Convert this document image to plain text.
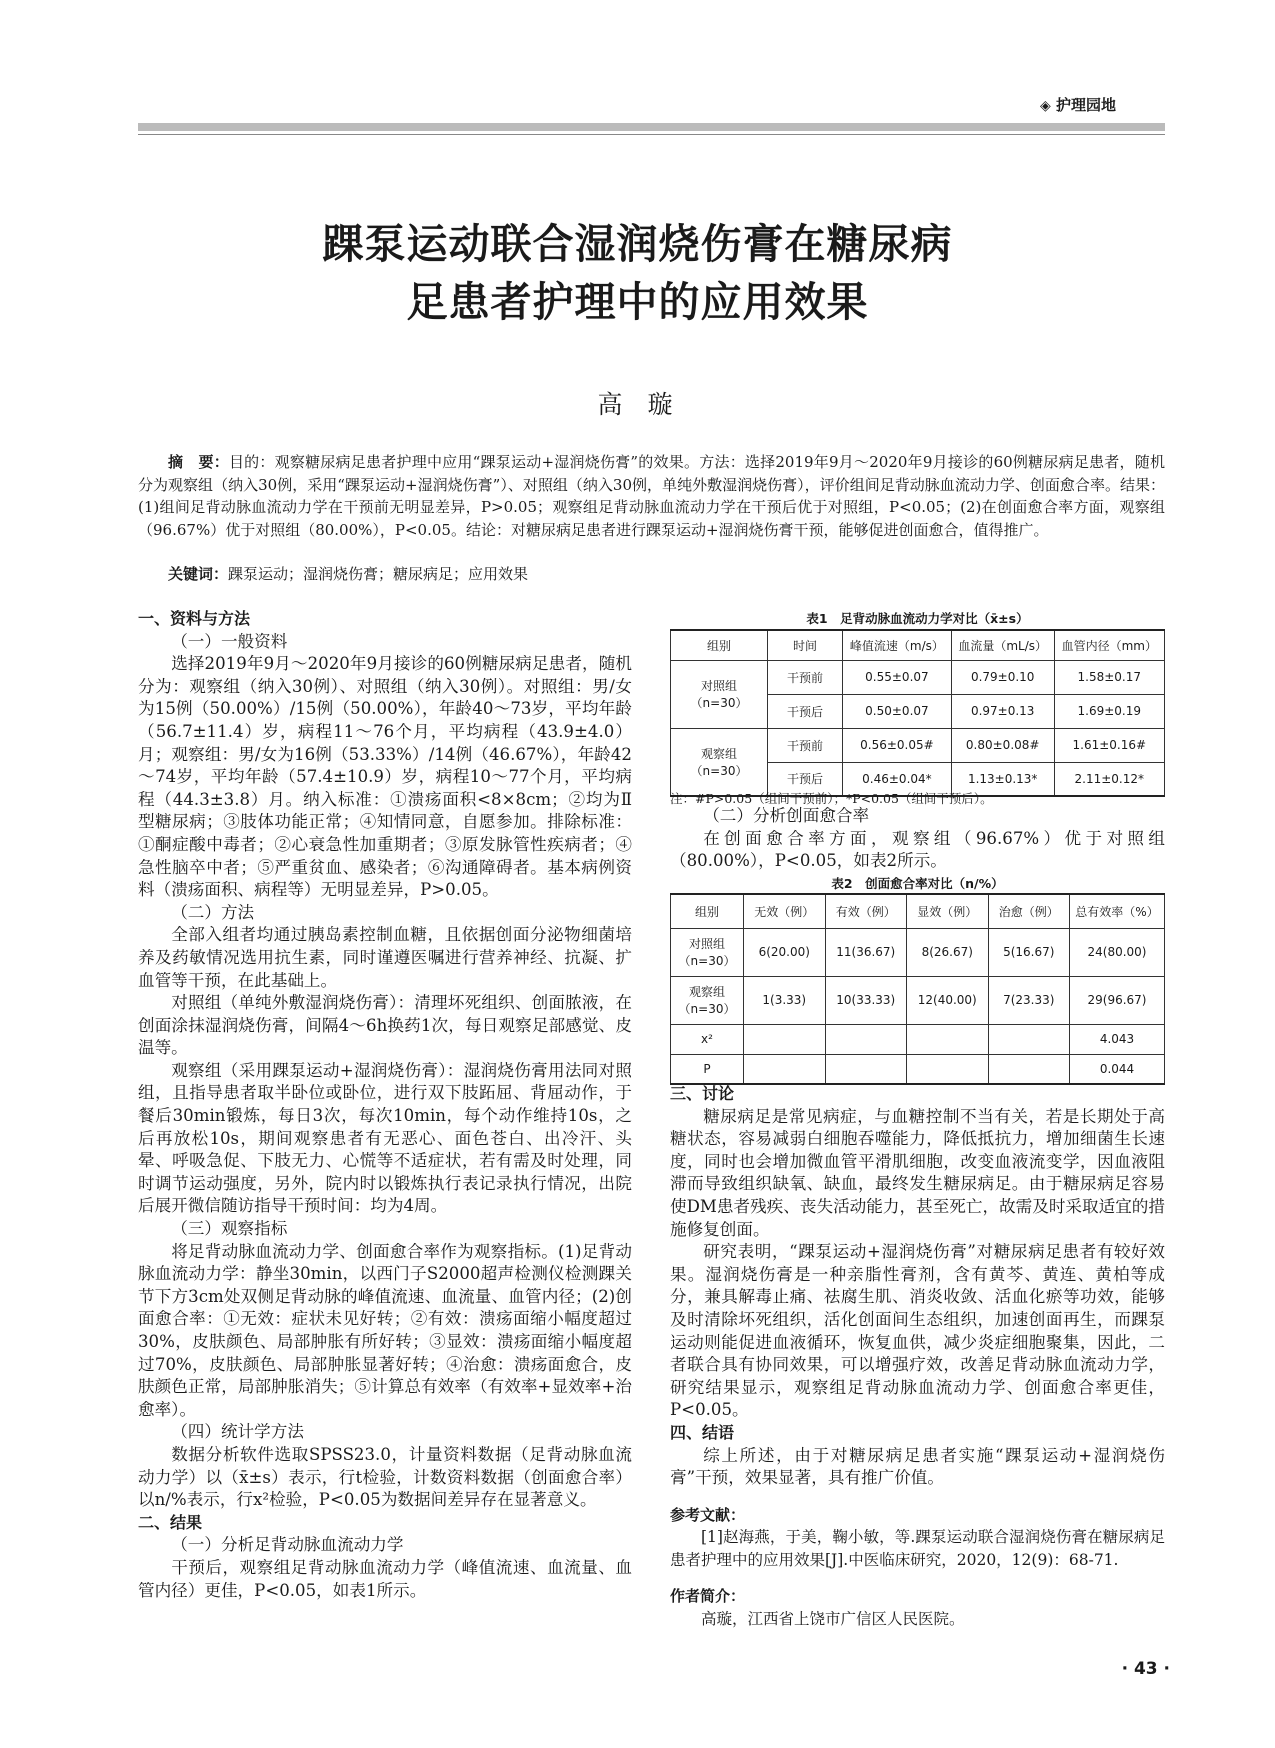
◈ 护理园地
踝泵运动联合湿润烧伤膏在糖尿病
足患者护理中的应用效果
高　璇
摘　要：目的：观察糖尿病足患者护理中应用“踝泵运动+湿润烧伤膏”的效果。方法：选择2019年9月～2020年9月接诊的60例糖尿病足患者，随机分为观察组（纳入30例，采用“踝泵运动+湿润烧伤膏”）、对照组（纳入30例，单纯外敷湿润烧伤膏），评价组间足背动脉血流动力学、创面愈合率。结果：(1)组间足背动脉血流动力学在干预前无明显差异，P>0.05；观察组足背动脉血流动力学在干预后优于对照组，P<0.05；(2)在创面愈合率方面，观察组（96.67%）优于对照组（80.00%），P<0.05。结论：对糖尿病足患者进行踝泵运动+湿润烧伤膏干预，能够促进创面愈合，值得推广。
关键词：踝泵运动；湿润烧伤膏；糖尿病足；应用效果
一、资料与方法
（一）一般资料

选择2019年9月～2020年9月接诊的60例糖尿病足患者，随机分为：观察组（纳入30例）、对照组（纳入30例）。对照组：男/女为15例（50.00%）/15例（50.00%），年龄40～73岁，平均年龄（56.7±11.4）岁，病程11～76个月，平均病程（43.9±4.0）月；观察组：男/女为16例（53.33%）/14例（46.67%），年龄42～74岁，平均年龄（57.4±10.9）岁，病程10～77个月，平均病程（44.3±3.8）月。纳入标准：①溃疡面积<8×8cm；②均为Ⅱ型糖尿病；③肢体功能正常；④知情同意，自愿参加。排除标准：①酮症酸中毒者；②心衰急性加重期者；③原发脉管性疾病者；④急性脑卒中者；⑤严重贫血、感染者；⑥沟通障碍者。基本病例资料（溃疡面积、病程等）无明显差异，P>0.05。

（二）方法

全部入组者均通过胰岛素控制血糖，且依据创面分泌物细菌培养及药敏情况选用抗生素，同时谨遵医嘱进行营养神经、抗凝、扩血管等干预，在此基础上。

对照组（单纯外敷湿润烧伤膏）：清理坏死组织、创面脓液，在创面涂抹湿润烧伤膏，间隔4～6h换药1次，每日观察足部感觉、皮温等。

观察组（采用踝泵运动+湿润烧伤膏）：湿润烧伤膏用法同对照组，且指导患者取半卧位或卧位，进行双下肢跖屈、背屈动作，于餐后30min锻炼，每日3次，每次10min，每个动作维持10s，之后再放松10s，期间观察患者有无恶心、面色苍白、出冷汗、头晕、呼吸急促、下肢无力、心慌等不适症状，若有需及时处理，同时调节运动强度，另外，院内时以锻炼执行表记录执行情况，出院后展开微信随访指导干预时间：均为4周。

（三）观察指标

将足背动脉血流动力学、创面愈合率作为观察指标。(1)足背动脉血流动力学：静坐30min，以西门子S2000超声检测仪检测踝关节下方3cm处双侧足背动脉的峰值流速、血流量、血管内径；(2)创面愈合率：①无效：症状未见好转；②有效：溃疡面缩小幅度超过30%，皮肤颜色、局部肿胀有所好转；③显效：溃疡面缩小幅度超过70%，皮肤颜色、局部肿胀显著好转；④治愈：溃疡面愈合，皮肤颜色正常，局部肿胀消失；⑤计算总有效率（有效率+显效率+治愈率）。

（四）统计学方法

数据分析软件选取SPSS23.0，计量资料数据（足背动脉血流动力学）以（x̄±s）表示，行t检验，计数资料数据（创面愈合率）以n/%表示，行x²检验，P<0.05为数据间差异存在显著意义。

二、结果
（一）分析足背动脉血流动力学

干预后，观察组足背动脉血流动力学（峰值流速、血流量、血管内径）更佳，P<0.05，如表1所示。

表1　足背动脉血流动力学对比（x̄±s）
组别	时间	峰值流速（m/s）	血流量（mL/s）	血管内径（mm）

对照组
（n=30）	干预前	0.55±0.07	0.79±0.10	1.58±0.17
	干预后	0.50±0.07	0.97±0.13	1.69±0.19

观察组
（n=30）	干预前	0.56±0.05#	0.80±0.08#	1.61±0.16#
	干预后	0.46±0.04*	1.13±0.13*	2.11±0.12*
注：#P>0.05（组间干预前）；*P<0.05（组间干预后）。
（二）分析创面愈合率

在创面愈合率方面，观察组（96.67%）优于对照组（80.00%），P<0.05，如表2所示。

表2　创面愈合率对比（n/%）
组别	无效（例）	有效（例）	显效（例）	治愈（例）	总有效率（%）

对照组
（n=30）	6(20.00)	11(36.67)	8(26.67)	5(16.67)	24(80.00)

观察组
（n=30）	1(3.33)	10(33.33)	12(40.00)	7(23.33)	29(96.67)
x²					4.043
P					0.044
三、讨论

糖尿病足是常见病症，与血糖控制不当有关，若是长期处于高糖状态，容易减弱白细胞吞噬能力，降低抵抗力，增加细菌生长速度，同时也会增加微血管平滑肌细胞，改变血液流变学，因血液阻滞而导致组织缺氧、缺血，最终发生糖尿病足。由于糖尿病足容易使DM患者残疾、丧失活动能力，甚至死亡，故需及时采取适宜的措施修复创面。

研究表明，“踝泵运动+湿润烧伤膏”对糖尿病足患者有较好效果。湿润烧伤膏是一种亲脂性膏剂，含有黄芩、黄连、黄柏等成分，兼具解毒止痛、祛腐生肌、消炎收敛、活血化瘀等功效，能够及时清除坏死组织，活化创面间生态组织，加速创面再生，而踝泵运动则能促进血液循环，恢复血供，减少炎症细胞聚集，因此，二者联合具有协同效果，可以增强疗效，改善足背动脉血流动力学，研究结果显示，观察组足背动脉血流动力学、创面愈合率更佳，P<0.05。

四、结语

综上所述，由于对糖尿病足患者实施“踝泵运动+湿润烧伤膏”干预，效果显著，具有推广价值。

参考文献：

[1]赵海燕，于美，鞠小敏，等.踝泵运动联合湿润烧伤膏在糖尿病足患者护理中的应用效果[J].中医临床研究，2020，12(9)：68-71.

作者简介：

高璇，江西省上饶市广信区人民医院。

· 43 ·
